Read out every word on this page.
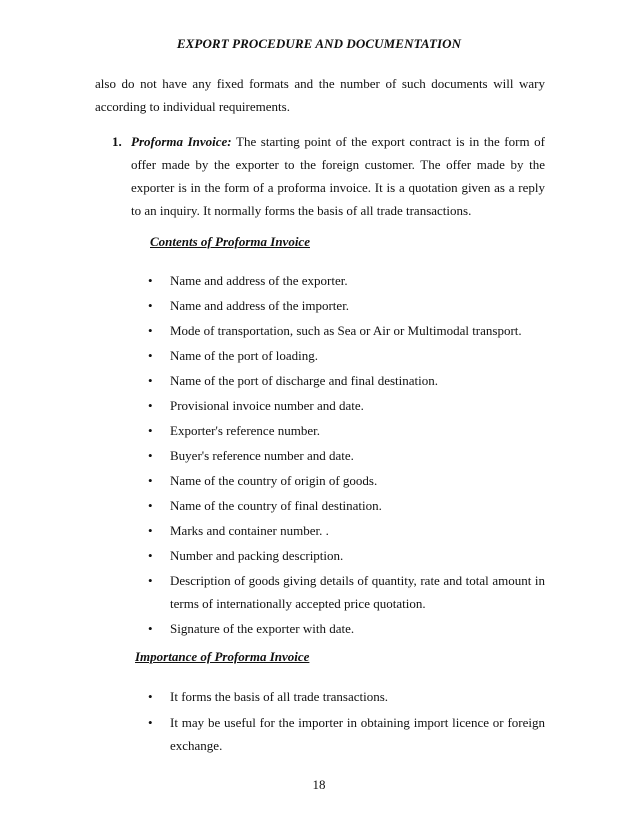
EXPORT PROCEDURE AND DOCUMENTATION
also do not have any fixed formats and the number of such documents will wary according to individual requirements.
1. Proforma Invoice: The starting point of the export contract is in the form of offer made by the exporter to the foreign customer. The offer made by the exporter is in the form of a proforma invoice. It is a quotation given as a reply to an inquiry. It normally forms the basis of all trade transactions.
Contents of Proforma Invoice
• Name and address of the exporter.
• Name and address of the importer.
• Mode of transportation, such as Sea or Air or Multimodal transport.
• Name of the port of loading.
• Name of the port of discharge and final destination.
• Provisional invoice number and date.
• Exporter's reference number.
• Buyer's reference number and date.
• Name of the country of origin of goods.
• Name of the country of final destination.
• Marks and container number. .
• Number and packing description.
• Description of goods giving details of quantity, rate and total amount in terms of internationally accepted price quotation.
• Signature of the exporter with date.
Importance of Proforma Invoice
• It forms the basis of all trade transactions.
• It may be useful for the importer in obtaining import licence or foreign exchange.
18
